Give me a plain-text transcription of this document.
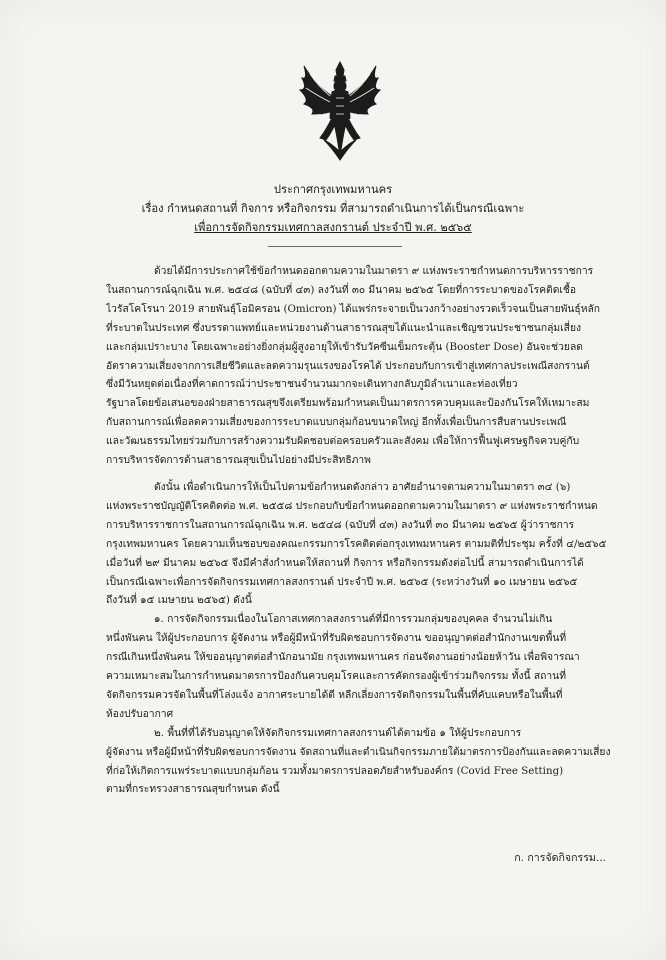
ประกาศกรุงเทพมหานคร
เรื่อง กำหนดสถานที่ กิจการ หรือกิจกรรม ที่สามารถดำเนินการได้เป็นกรณีเฉพาะ
เพื่อการจัดกิจกรรมเทศกาลสงกรานต์ ประจำปี พ.ศ. ๒๕๖๕
ด้วยได้มีการประกาศใช้ข้อกำหนดออกตามความในมาตรา ๙ แห่งพระราชกำหนดการบริหารราชการ
ในสถานการณ์ฉุกเฉิน พ.ศ. ๒๕๔๘ (ฉบับที่ ๔๓) ลงวันที่ ๓๐ มีนาคม ๒๕๖๕ โดยที่การระบาดของโรคติดเชื้อ
ไวรัสโคโรนา 2019 สายพันธุ์โอมิครอน (Omicron) ได้แพร่กระจายเป็นวงกว้างอย่างรวดเร็วจนเป็นสายพันธุ์หลัก
ที่ระบาดในประเทศ ซึ่งบรรดาแพทย์และหน่วยงานด้านสาธารณสุขได้แนะนำและเชิญชวนประชาชนกลุ่มเสี่ยง
และกลุ่มเปราะบาง โดยเฉพาะอย่างยิ่งกลุ่มผู้สูงอายุให้เข้ารับวัคซีนเข็มกระตุ้น (Booster Dose) อันจะช่วยลด
อัตราความเสี่ยงจากการเสียชีวิตและลดความรุนแรงของโรคได้ ประกอบกับการเข้าสู่เทศกาลประเพณีสงกรานต์
ซึ่งมีวันหยุดต่อเนื่องที่คาดการณ์ว่าประชาชนจำนวนมากจะเดินทางกลับภูมิลำเนาและท่องเที่ยว
รัฐบาลโดยข้อเสนอของฝ่ายสาธารณสุขจึงเตรียมพร้อมกำหนดเป็นมาตรการควบคุมและป้องกันโรคให้เหมาะสม
กับสถานการณ์เพื่อลดความเสี่ยงของการระบาดแบบกลุ่มก้อนขนาดใหญ่ อีกทั้งเพื่อเป็นการสืบสานประเพณี
และวัฒนธรรมไทยร่วมกับการสร้างความรับผิดชอบต่อครอบครัวและสังคม เพื่อให้การฟื้นฟูเศรษฐกิจควบคู่กับ
การบริหารจัดการด้านสาธารณสุขเป็นไปอย่างมีประสิทธิภาพ
ดังนั้น เพื่อดำเนินการให้เป็นไปตามข้อกำหนดดังกล่าว อาศัยอำนาจตามความในมาตรา ๓๔ (๖)
แห่งพระราชบัญญัติโรคติดต่อ พ.ศ. ๒๕๕๘ ประกอบกับข้อกำหนดออกตามความในมาตรา ๙ แห่งพระราชกำหนด
การบริหารราชการในสถานการณ์ฉุกเฉิน พ.ศ. ๒๕๔๘ (ฉบับที่ ๔๓) ลงวันที่ ๓๐ มีนาคม ๒๕๖๕ ผู้ว่าราชการ
กรุงเทพมหานคร โดยความเห็นชอบของคณะกรรมการโรคติดต่อกรุงเทพมหานคร ตามมติที่ประชุม ครั้งที่ ๔/๒๕๖๕
เมื่อวันที่ ๒๙ มีนาคม ๒๕๖๕ จึงมีคำสั่งกำหนดให้สถานที่ กิจการ หรือกิจกรรมดังต่อไปนี้ สามารถดำเนินการได้
เป็นกรณีเฉพาะเพื่อการจัดกิจกรรมเทศกาลสงกรานต์ ประจำปี พ.ศ. ๒๕๖๕ (ระหว่างวันที่ ๑๐ เมษายน ๒๕๖๕
ถึงวันที่ ๑๕ เมษายน ๒๕๖๕) ดังนี้
๑. การจัดกิจกรรมเนื่องในโอกาสเทศกาลสงกรานต์ที่มีการรวมกลุ่มของบุคคล จำนวนไม่เกิน
หนึ่งพันคน ให้ผู้ประกอบการ ผู้จัดงาน หรือผู้มีหน้าที่รับผิดชอบการจัดงาน ขออนุญาตต่อสำนักงานเขตพื้นที่
กรณีเกินหนึ่งพันคน ให้ขออนุญาตต่อสำนักอนามัย กรุงเทพมหานคร ก่อนจัดงานอย่างน้อยห้าวัน เพื่อพิจารณา
ความเหมาะสมในการกำหนดมาตรการป้องกันควบคุมโรคและการคัดกรองผู้เข้าร่วมกิจกรรม ทั้งนี้ สถานที่
จัดกิจกรรมควรจัดในพื้นที่โล่งแจ้ง อากาศระบายได้ดี หลีกเลี่ยงการจัดกิจกรรมในพื้นที่คับแคบหรือในพื้นที่
ห้องปรับอากาศ
๒. พื้นที่ที่ได้รับอนุญาตให้จัดกิจกรรมเทศกาลสงกรานต์ได้ตามข้อ ๑ ให้ผู้ประกอบการ
ผู้จัดงาน หรือผู้มีหน้าที่รับผิดชอบการจัดงาน จัดสถานที่และดำเนินกิจกรรมภายใต้มาตรการป้องกันและลดความเสี่ยง
ที่ก่อให้เกิดการแพร่ระบาดแบบกลุ่มก้อน รวมทั้งมาตรการปลอดภัยสำหรับองค์กร (Covid Free Setting)
ตามที่กระทรวงสาธารณสุขกำหนด ดังนี้
ก. การจัดกิจกรรม...
